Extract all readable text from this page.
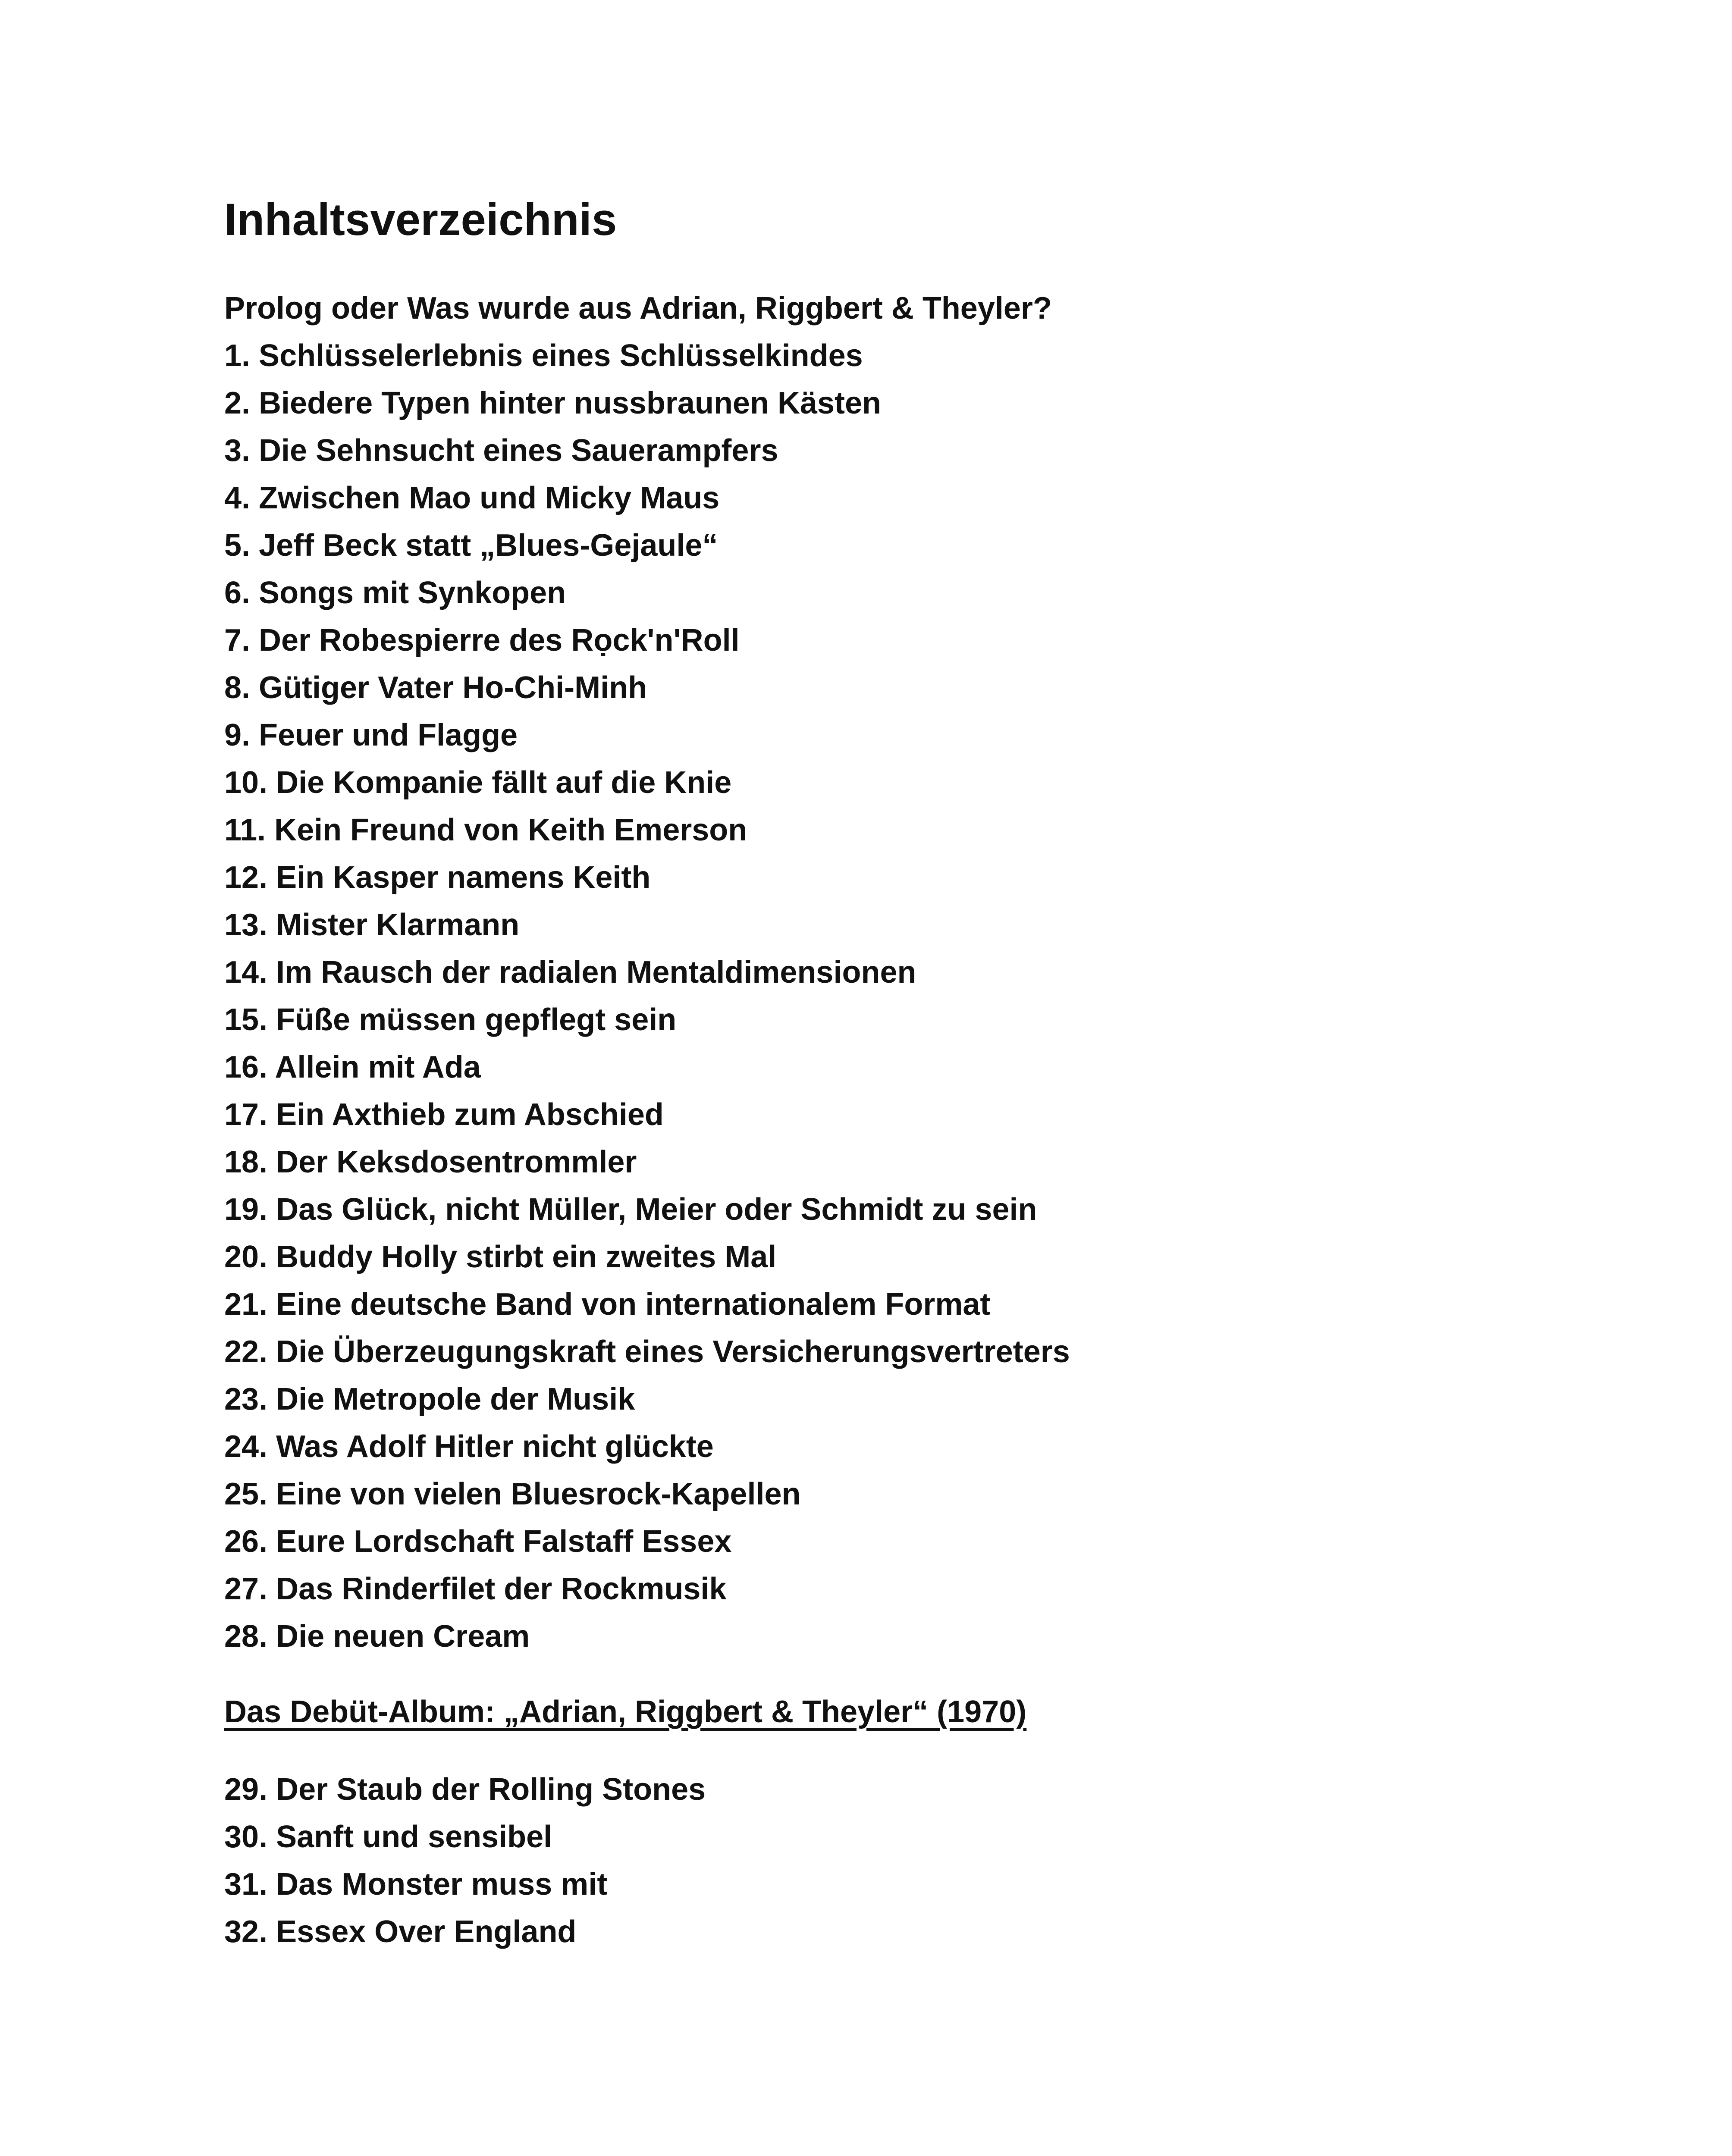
Inhaltsverzeichnis
Prolog oder Was wurde aus Adrian, Riggbert & Theyler?
1. Schlüsselerlebnis eines Schlüsselkindes
2. Biedere Typen hinter nussbraunen Kästen
3. Die Sehnsucht eines Sauerampfers
4. Zwischen Mao und Micky Maus
5. Jeff Beck statt „Blues-Gejaule“
6. Songs mit Synkopen
7. Der Robespierre des Rọck'n'Roll
8. Gütiger Vater Ho-Chi-Minh
9. Feuer und Flagge
10. Die Kompanie fällt auf die Knie
11. Kein Freund von Keith Emerson
12. Ein Kasper namens Keith
13. Mister Klarmann
14. Im Rausch der radialen Mentaldimensionen
15. Füße müssen gepflegt sein
16. Allein mit Ada
17. Ein Axthieb zum Abschied
18. Der Keksdosentrommler
19. Das Glück, nicht Müller, Meier oder Schmidt zu sein
20. Buddy Holly stirbt ein zweites Mal
21. Eine deutsche Band von internationalem Format
22. Die Überzeugungskraft eines Versicherungsvertreters
23. Die Metropole der Musik
24. Was Adolf Hitler nicht glückte
25. Eine von vielen Bluesrock-Kapellen
26. Eure Lordschaft Falstaff Essex
27. Das Rinderfilet der Rockmusik
28. Die neuen Cream
Das Debüt-Album: „Adrian, Riggbert & Theyler“ (1970)
29. Der Staub der Rolling Stones
30. Sanft und sensibel
31. Das Monster muss mit
32. Essex Over England
